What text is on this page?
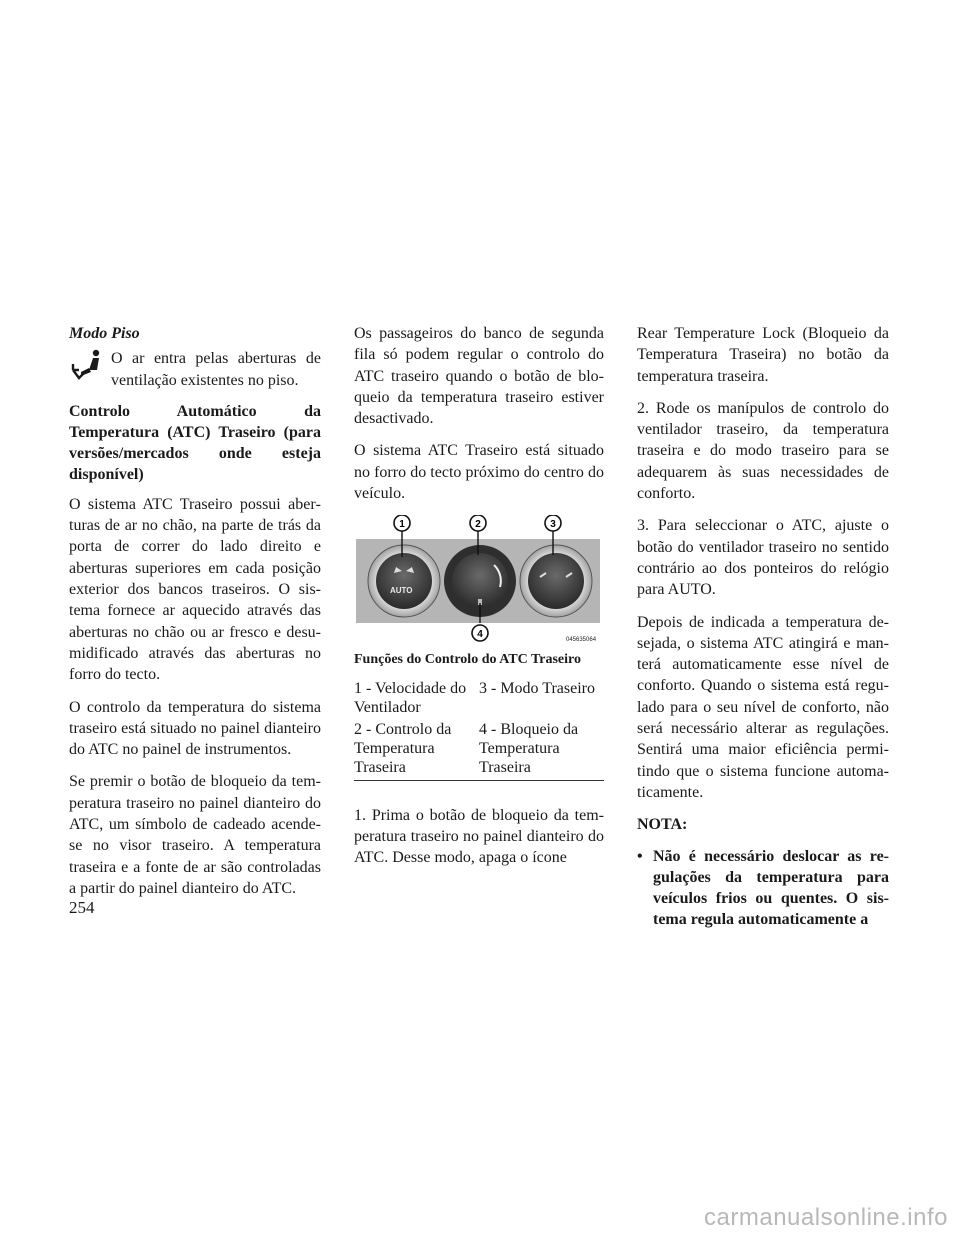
Modo Piso

O ar entra pelas aberturas de ventilação existentes no piso.

Controlo Automático da Temperatura (ATC) Traseiro (para versões/mercados onde esteja disponível)

O sistema ATC Traseiro possui aberturas de ar no chão, na parte de trás da porta de correr do lado direito e aberturas superiores em cada posição exterior dos bancos traseiros. O sistema fornece ar aquecido através das aberturas no chão ou ar fresco e desumidificado através das aberturas no forro do tecto.

O controlo da temperatura do sistema traseiro está situado no painel dianteiro do ATC no painel de instrumentos.

Se premir o botão de bloqueio da temperatura traseiro no painel dianteiro do ATC, um símbolo de cadeado acende-se no visor traseiro. A temperatura traseira e a fonte de ar são controladas a partir do painel dianteiro do ATC.

Os passageiros do banco de segunda fila só podem regular o controlo do ATC traseiro quando o botão de bloqueio da temperatura traseiro estiver desactivado.

O sistema ATC Traseiro está situado no forro do tecto próximo do centro do veículo.

AUTO
1	2	3
4	045635064

Funções do Controlo do ATC Traseiro

1 - Velocidade do Ventilador	3 - Modo Traseiro
2 - Controlo da Temperatura Traseira	4 - Bloqueio da Temperatura Traseira

1. Prima o botão de bloqueio da temperatura traseiro no painel dianteiro do ATC. Desse modo, apaga o ícone

Rear Temperature Lock (Bloqueio da Temperatura Traseira) no botão da temperatura traseira.

2. Rode os manípulos de controlo do ventilador traseiro, da temperatura traseira e do modo traseiro para se adequarem às suas necessidades de conforto.

3. Para seleccionar o ATC, ajuste o botão do ventilador traseiro no sentido contrário ao dos ponteiros do relógio para AUTO.

Depois de indicada a temperatura desejada, o sistema ATC atingirá e manterá automaticamente esse nível de conforto. Quando o sistema está regulado para o seu nível de conforto, não será necessário alterar as regulações. Sentirá uma maior eficiência permitindo que o sistema funcione automaticamente.

NOTA:

• Não é necessário deslocar as regulações da temperatura para veículos frios ou quentes. O sistema regula automaticamente a
254
carmanualsonline.info
